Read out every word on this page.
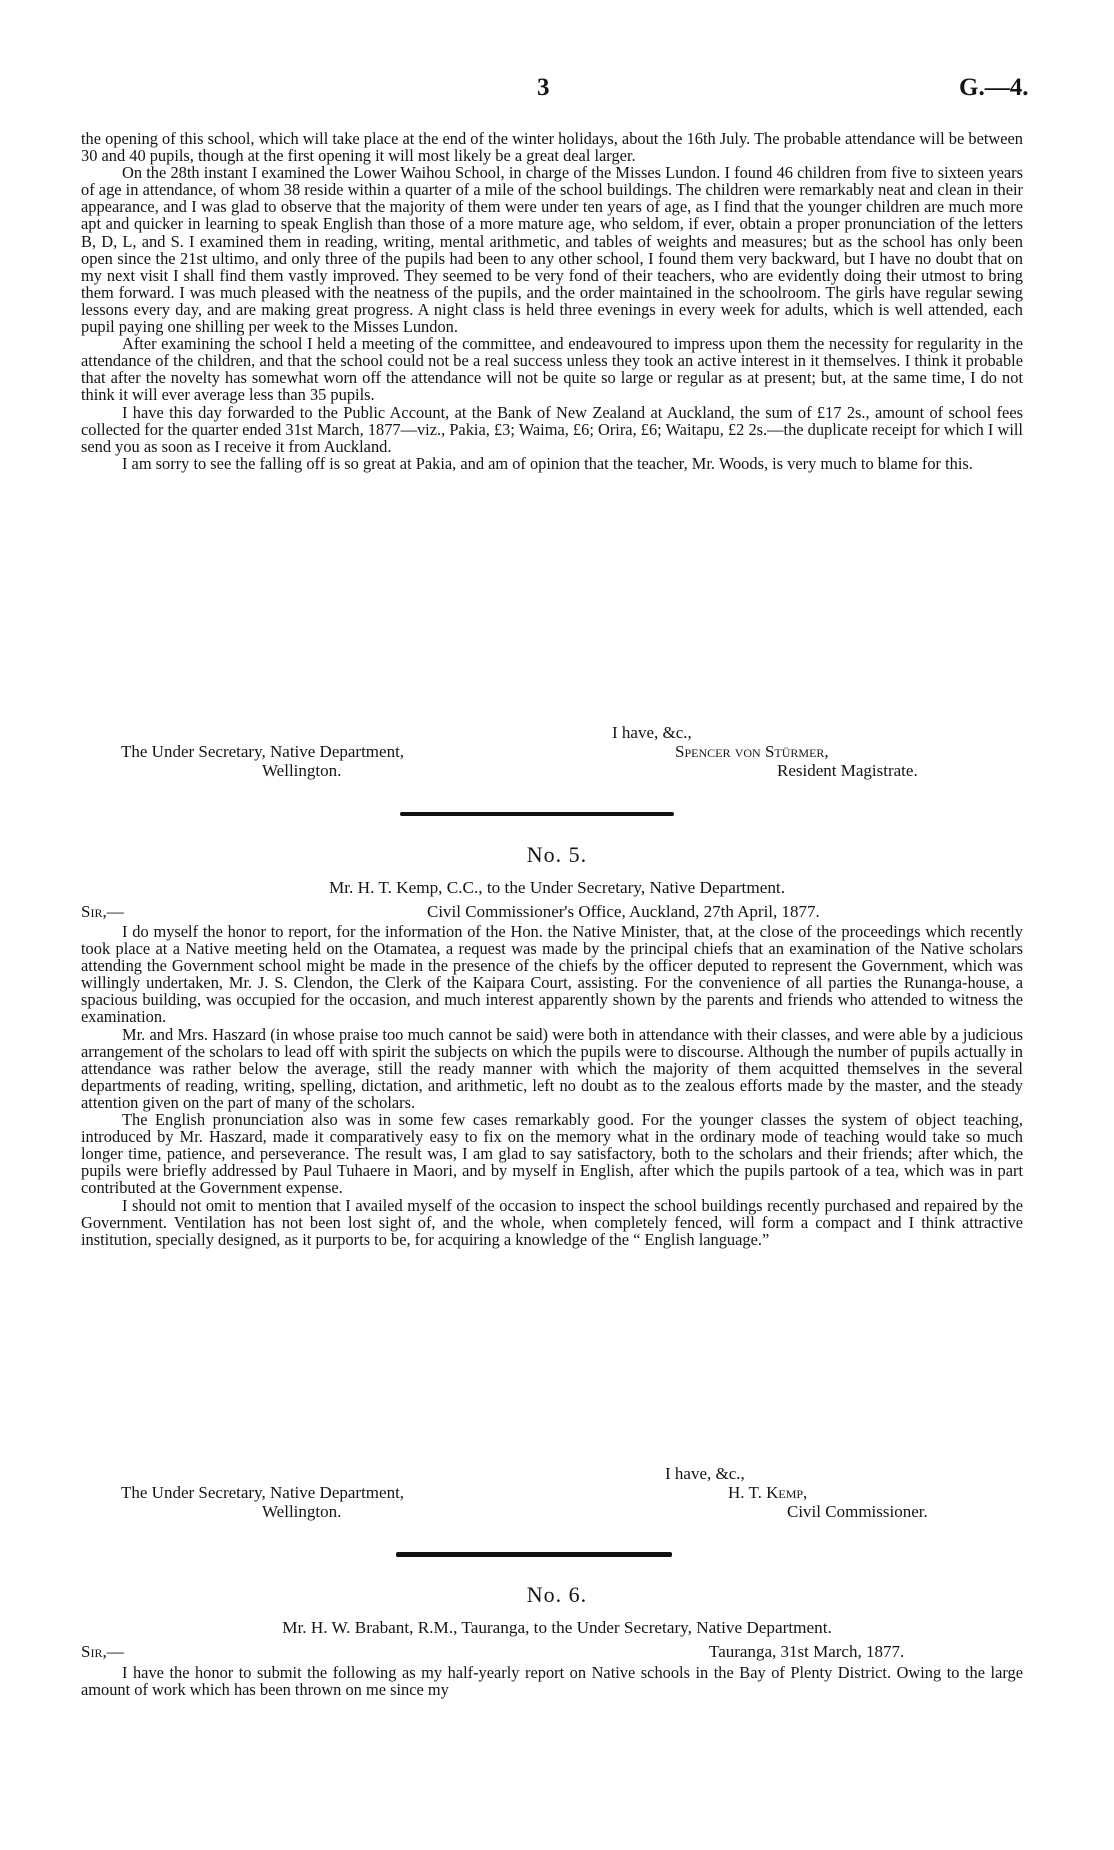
3	G.—4.

the opening of this school, which will take place at the end of the winter holidays, about the 16th July. The probable attendance will be between 30 and 40 pupils, though at the first opening it will most likely be a great deal larger.

On the 28th instant I examined the Lower Waihou School, in charge of the Misses Lundon. I found 46 children from five to sixteen years of age in attendance, of whom 38 reside within a quarter of a mile of the school buildings. The children were remarkably neat and clean in their appearance, and I was glad to observe that the majority of them were under ten years of age, as I find that the younger children are much more apt and quicker in learning to speak English than those of a more mature age, who seldom, if ever, obtain a proper pronunciation of the letters B, D, L, and S. I examined them in reading, writing, mental arithmetic, and tables of weights and measures; but as the school has only been open since the 21st ultimo, and only three of the pupils had been to any other school, I found them very backward, but I have no doubt that on my next visit I shall find them vastly improved. They seemed to be very fond of their teachers, who are evidently doing their utmost to bring them forward. I was much pleased with the neatness of the pupils, and the order maintained in the schoolroom. The girls have regular sewing lessons every day, and are making great progress. A night class is held three evenings in every week for adults, which is well attended, each pupil paying one shilling per week to the Misses Lundon.

After examining the school I held a meeting of the committee, and endeavoured to impress upon them the necessity for regularity in the attendance of the children, and that the school could not be a real success unless they took an active interest in it themselves. I think it probable that after the novelty has somewhat worn off the attendance will not be quite so large or regular as at present; but, at the same time, I do not think it will ever average less than 35 pupils.

I have this day forwarded to the Public Account, at the Bank of New Zealand at Auckland, the sum of £17 2s., amount of school fees collected for the quarter ended 31st March, 1877—viz., Pakia, £3; Waima, £6; Orira, £6; Waitapu, £2 2s.—the duplicate receipt for which I will send you as soon as I receive it from Auckland.

I am sorry to see the falling off is so great at Pakia, and am of opinion that the teacher, Mr. Woods, is very much to blame for this.

I have, &c.,
The Under Secretary, Native Department,	Spencer von Stürmer,
Wellington.	Resident Magistrate.
No. 5.
Mr. H. T. Kemp, C.C., to the Under Secretary, Native Department.
Sir,—	Civil Commissioner's Office, Auckland, 27th April, 1877.

I do myself the honor to report, for the information of the Hon. the Native Minister, that, at the close of the proceedings which recently took place at a Native meeting held on the Otamatea, a request was made by the principal chiefs that an examination of the Native scholars attending the Government school might be made in the presence of the chiefs by the officer deputed to represent the Government, which was willingly undertaken, Mr. J. S. Clendon, the Clerk of the Kaipara Court, assisting. For the convenience of all parties the Runanga-house, a spacious building, was occupied for the occasion, and much interest apparently shown by the parents and friends who attended to witness the examination.

Mr. and Mrs. Haszard (in whose praise too much cannot be said) were both in attendance with their classes, and were able by a judicious arrangement of the scholars to lead off with spirit the subjects on which the pupils were to discourse. Although the number of pupils actually in attendance was rather below the average, still the ready manner with which the majority of them acquitted themselves in the several departments of reading, writing, spelling, dictation, and arithmetic, left no doubt as to the zealous efforts made by the master, and the steady attention given on the part of many of the scholars.

The English pronunciation also was in some few cases remarkably good. For the younger classes the system of object teaching, introduced by Mr. Haszard, made it comparatively easy to fix on the memory what in the ordinary mode of teaching would take so much longer time, patience, and perseverance. The result was, I am glad to say satisfactory, both to the scholars and their friends; after which, the pupils were briefly addressed by Paul Tuhaere in Maori, and by myself in English, after which the pupils partook of a tea, which was in part contributed at the Government expense.

I should not omit to mention that I availed myself of the occasion to inspect the school buildings recently purchased and repaired by the Government. Ventilation has not been lost sight of, and the whole, when completely fenced, will form a compact and I think attractive institution, specially designed, as it purports to be, for acquiring a knowledge of the “ English language.”

I have, &c.,
The Under Secretary, Native Department,	H. T. Kemp,
Wellington.	Civil Commissioner.
No. 6.
Mr. H. W. Brabant, R.M., Tauranga, to the Under Secretary, Native Department.
Sir,—	Tauranga, 31st March, 1877.

I have the honor to submit the following as my half-yearly report on Native schools in the Bay of Plenty District. Owing to the large amount of work which has been thrown on me since my
